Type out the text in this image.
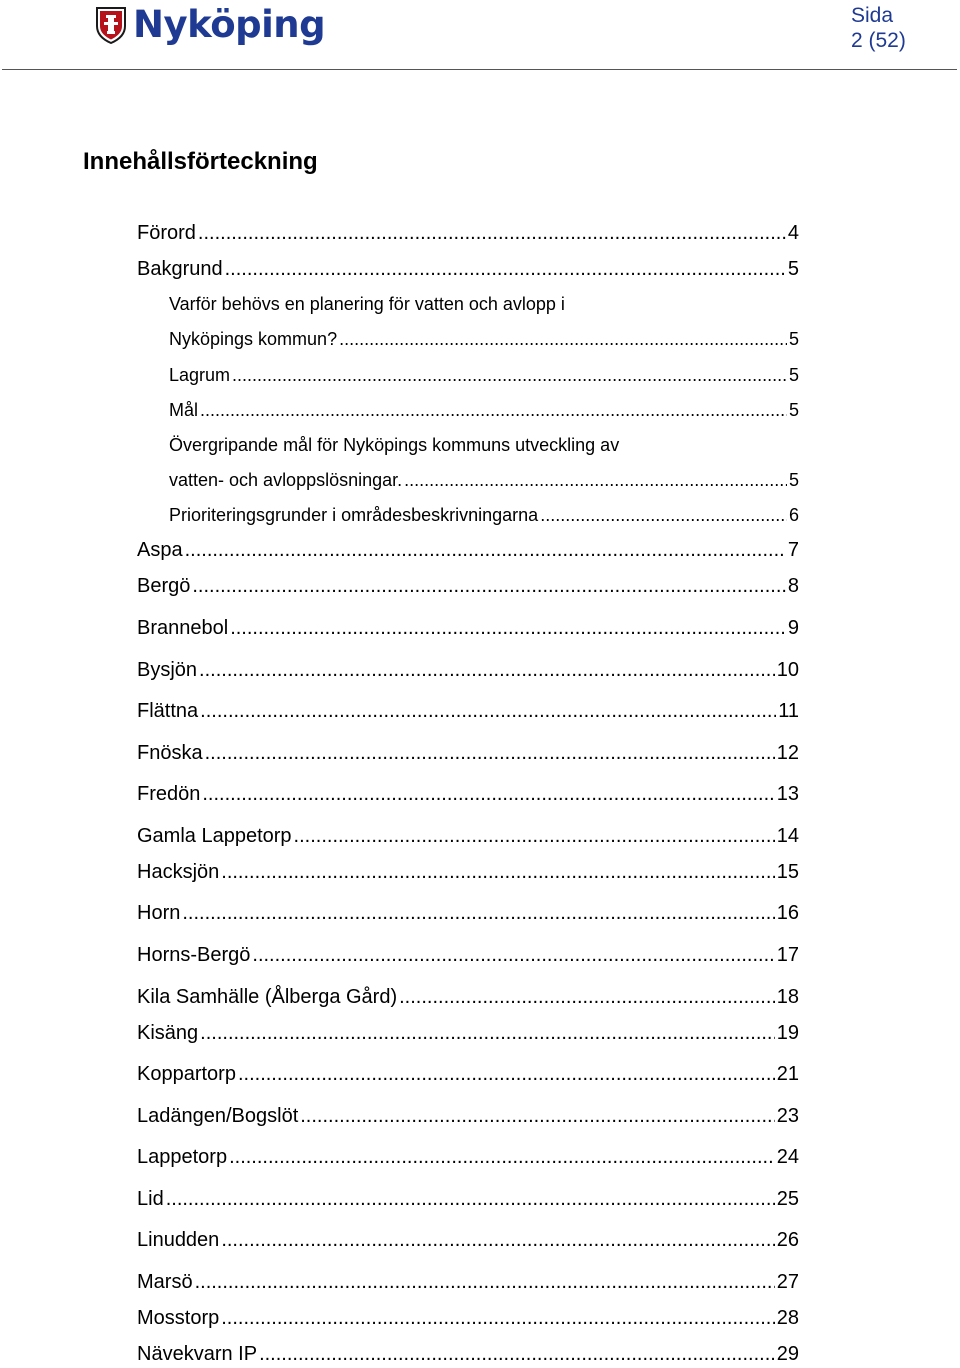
Nyköping	Sida
2 (52)
Innehållsförteckning
Förord .....	4
Bakgrund .....	5
Varför behövs en planering för vatten och avlopp i
Nyköpings kommun? .....	5
Lagrum .....	5
Mål .....	5
Övergripande mål för Nyköpings kommuns utveckling av
vatten- och avloppslösningar. .....	5
Prioriteringsgrunder i områdesbeskrivningarna .....	6
Aspa .....	7
Bergö .....	8
Brannebol .....	9
Bysjön .....	10
Flättna .....	11
Fnöska .....	12
Fredön .....	13
Gamla Lappetorp .....	14
Hacksjön .....	15
Horn .....	16
Horns-Bergö .....	17
Kila Samhälle (Ålberga Gård) .....	18
Kisäng .....	19
Koppartorp .....	21
Ladängen/Bogslöt .....	23
Lappetorp .....	24
Lid .....	25
Linudden .....	26
Marsö .....	27
Mosstorp .....	28
Nävekvarn IP .....	29
